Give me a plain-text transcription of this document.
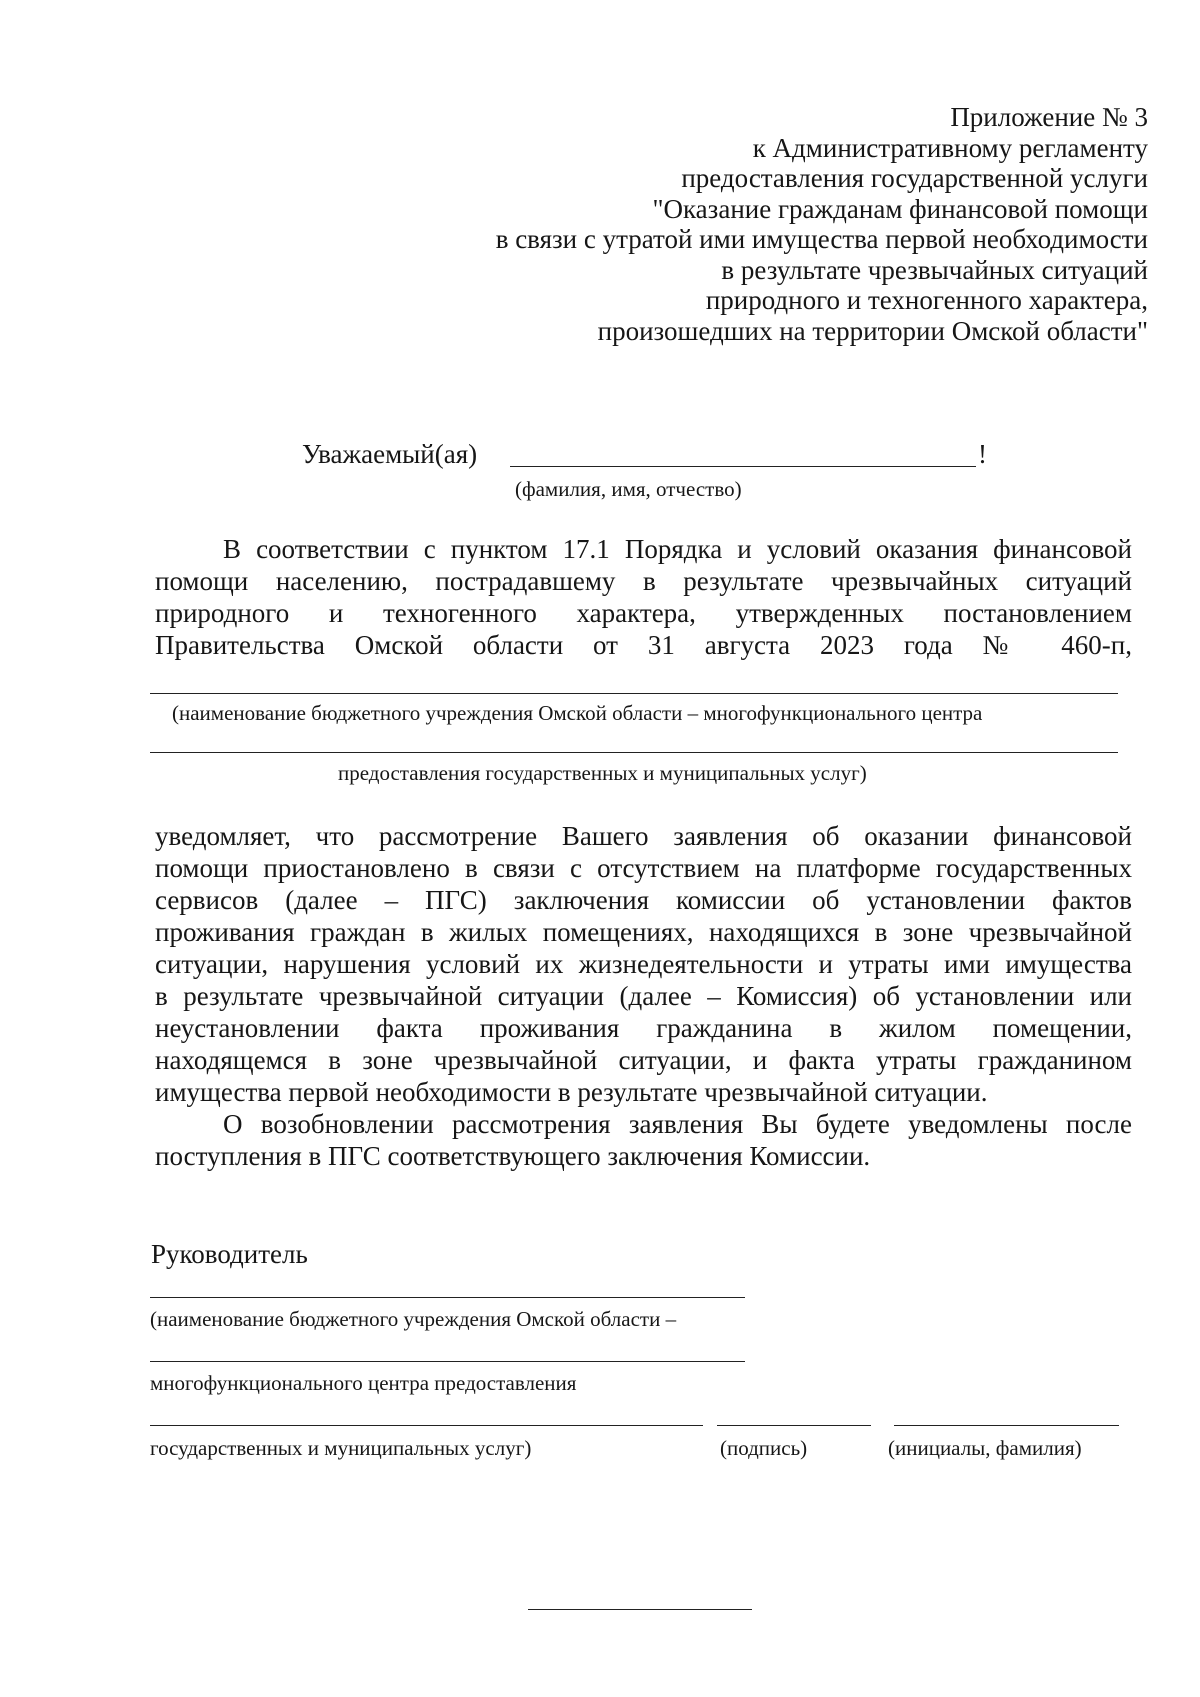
Приложение № 3
к Административному регламенту
предоставления государственной услуги
"Оказание гражданам финансовой помощи
в связи с утратой ими имущества первой необходимости
в результате чрезвычайных ситуаций
природного и техногенного характера,
произошедших на территории Омской области"
Уважаемый(ая)	!
(фамилия, имя, отчество)
В соответствии с пунктом 17.1 Порядка и условий оказания финансовой
помощи населению, пострадавшему в результате чрезвычайных ситуаций
природного и техногенного характера, утвержденных постановлением
Правительства Омской области от 31 августа 2023 года № 460-п,
(наименование бюджетного учреждения Омской области – многофункционального центра
предоставления государственных и муниципальных услуг)
уведомляет, что рассмотрение Вашего заявления об оказании финансовой
помощи приостановлено в связи с отсутствием на платформе государственных
сервисов (далее – ПГС) заключения комиссии об установлении фактов
проживания граждан в жилых помещениях, находящихся в зоне чрезвычайной
ситуации, нарушения условий их жизнедеятельности и утраты ими имущества
в результате чрезвычайной ситуации (далее – Комиссия) об установлении или
неустановлении факта проживания гражданина в жилом помещении,
находящемся в зоне чрезвычайной ситуации, и факта утраты гражданином
имущества первой необходимости в результате чрезвычайной ситуации.
О возобновлении рассмотрения заявления Вы будете уведомлены после
поступления в ПГС соответствующего заключения Комиссии.
Руководитель
(наименование бюджетного учреждения Омской области –
многофункционального центра предоставления
государственных и муниципальных услуг)	(подпись)	(инициалы, фамилия)
